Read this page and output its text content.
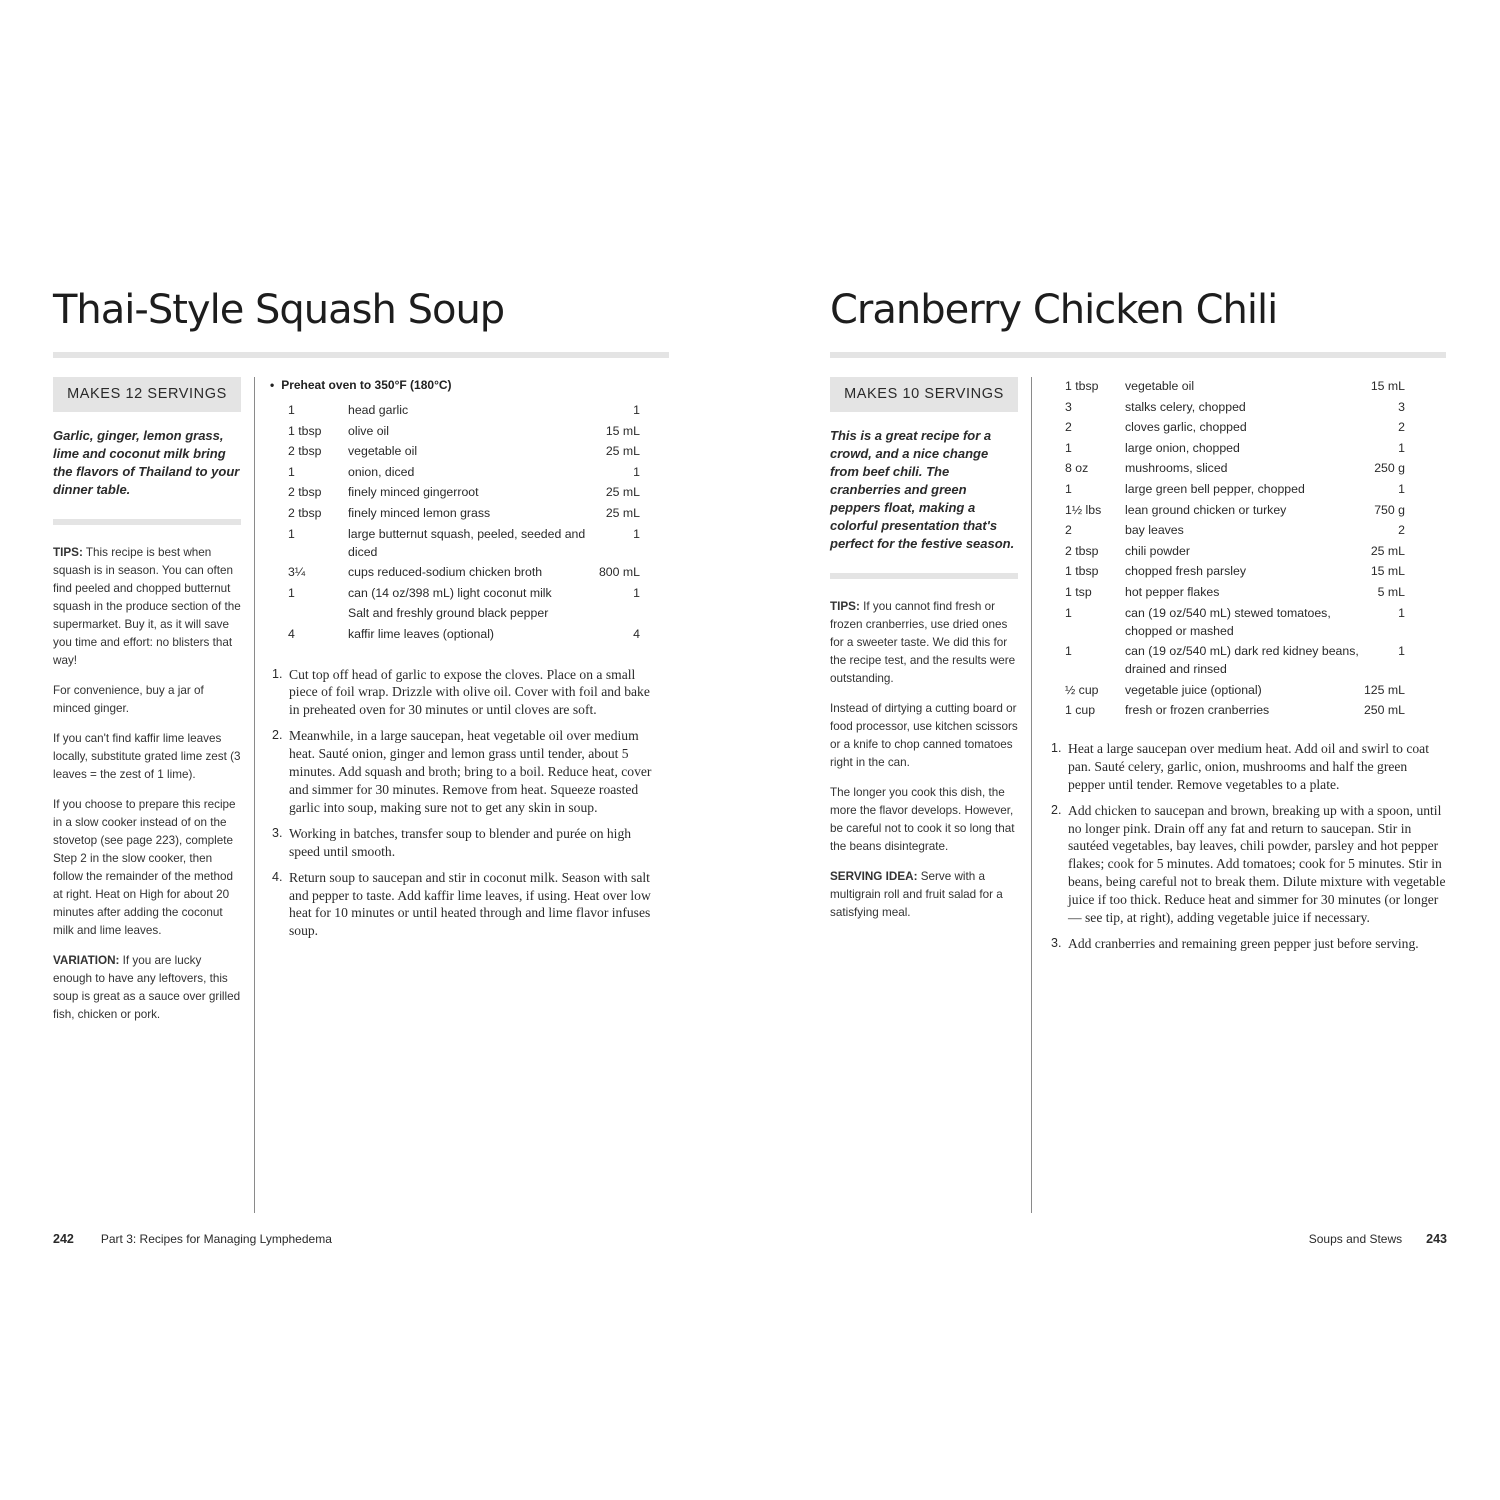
Thai-Style Squash Soup
MAKES 12 SERVINGS

Garlic, ginger, lemon grass, lime and coconut milk bring the flavors of Thailand to your dinner table.

TIPS: This recipe is best when squash is in season. You can often find peeled and chopped butternut squash in the produce section of the supermarket. Buy it, as it will save you time and effort: no blisters that way!

For convenience, buy a jar of minced ginger.

If you can't find kaffir lime leaves locally, substitute grated lime zest (3 leaves = the zest of 1 lime).

If you choose to prepare this recipe in a slow cooker instead of on the stovetop (see page 223), complete Step 2 in the slow cooker, then follow the remainder of the method at right. Heat on High for about 20 minutes after adding the coconut milk and lime leaves.

VARIATION: If you are lucky enough to have any leftovers, this soup is great as a sauce over grilled fish, chicken or pork.

• Preheat oven to 350°F (180°C)
1	head garlic	1
1 tbsp	olive oil	15 mL
2 tbsp	vegetable oil	25 mL
1	onion, diced	1
2 tbsp	finely minced gingerroot	25 mL
2 tbsp	finely minced lemon grass	25 mL
1	large butternut squash, peeled, seeded and diced	1
3¼	cups reduced-sodium chicken broth	800 mL
1	can (14 oz/398 mL) light coconut milk	1
	Salt and freshly ground black pepper	
4	kaffir lime leaves (optional)	4
Cut top off head of garlic to expose the cloves. Place on a small piece of foil wrap. Drizzle with olive oil. Cover with foil and bake in preheated oven for 30 minutes or until cloves are soft.
Meanwhile, in a large saucepan, heat vegetable oil over medium heat. Sauté onion, ginger and lemon grass until tender, about 5 minutes. Add squash and broth; bring to a boil. Reduce heat, cover and simmer for 30 minutes. Remove from heat. Squeeze roasted garlic into soup, making sure not to get any skin in soup.
Working in batches, transfer soup to blender and purée on high speed until smooth.
Return soup to saucepan and stir in coconut milk. Season with salt and pepper to taste. Add kaffir lime leaves, if using. Heat over low heat for 10 minutes or until heated through and lime flavor infuses soup.
242 Part 3: Recipes for Managing Lymphedema
Cranberry Chicken Chili
MAKES 10 SERVINGS

This is a great recipe for a crowd, and a nice change from beef chili. The cranberries and green peppers float, making a colorful presentation that's perfect for the festive season.

TIPS: If you cannot find fresh or frozen cranberries, use dried ones for a sweeter taste. We did this for the recipe test, and the results were outstanding.

Instead of dirtying a cutting board or food processor, use kitchen scissors or a knife to chop canned tomatoes right in the can.

The longer you cook this dish, the more the flavor develops. However, be careful not to cook it so long that the beans disintegrate.

SERVING IDEA: Serve with a multigrain roll and fruit salad for a satisfying meal.

1 tbsp	vegetable oil	15 mL
3	stalks celery, chopped	3
2	cloves garlic, chopped	2
1	large onion, chopped	1
8 oz	mushrooms, sliced	250 g
1	large green bell pepper, chopped	1
1½ lbs	lean ground chicken or turkey	750 g
2	bay leaves	2
2 tbsp	chili powder	25 mL
1 tbsp	chopped fresh parsley	15 mL
1 tsp	hot pepper flakes	5 mL
1	can (19 oz/540 mL) stewed tomatoes, chopped or mashed	1
1	can (19 oz/540 mL) dark red kidney beans, drained and rinsed	1
½ cup	vegetable juice (optional)	125 mL
1 cup	fresh or frozen cranberries	250 mL
Heat a large saucepan over medium heat. Add oil and swirl to coat pan. Sauté celery, garlic, onion, mushrooms and half the green pepper until tender. Remove vegetables to a plate.
Add chicken to saucepan and brown, breaking up with a spoon, until no longer pink. Drain off any fat and return to saucepan. Stir in sautéed vegetables, bay leaves, chili powder, parsley and hot pepper flakes; cook for 5 minutes. Add tomatoes; cook for 5 minutes. Stir in beans, being careful not to break them. Dilute mixture with vegetable juice if too thick. Reduce heat and simmer for 30 minutes (or longer — see tip, at right), adding vegetable juice if necessary.
Add cranberries and remaining green pepper just before serving.
Soups and Stews 243
